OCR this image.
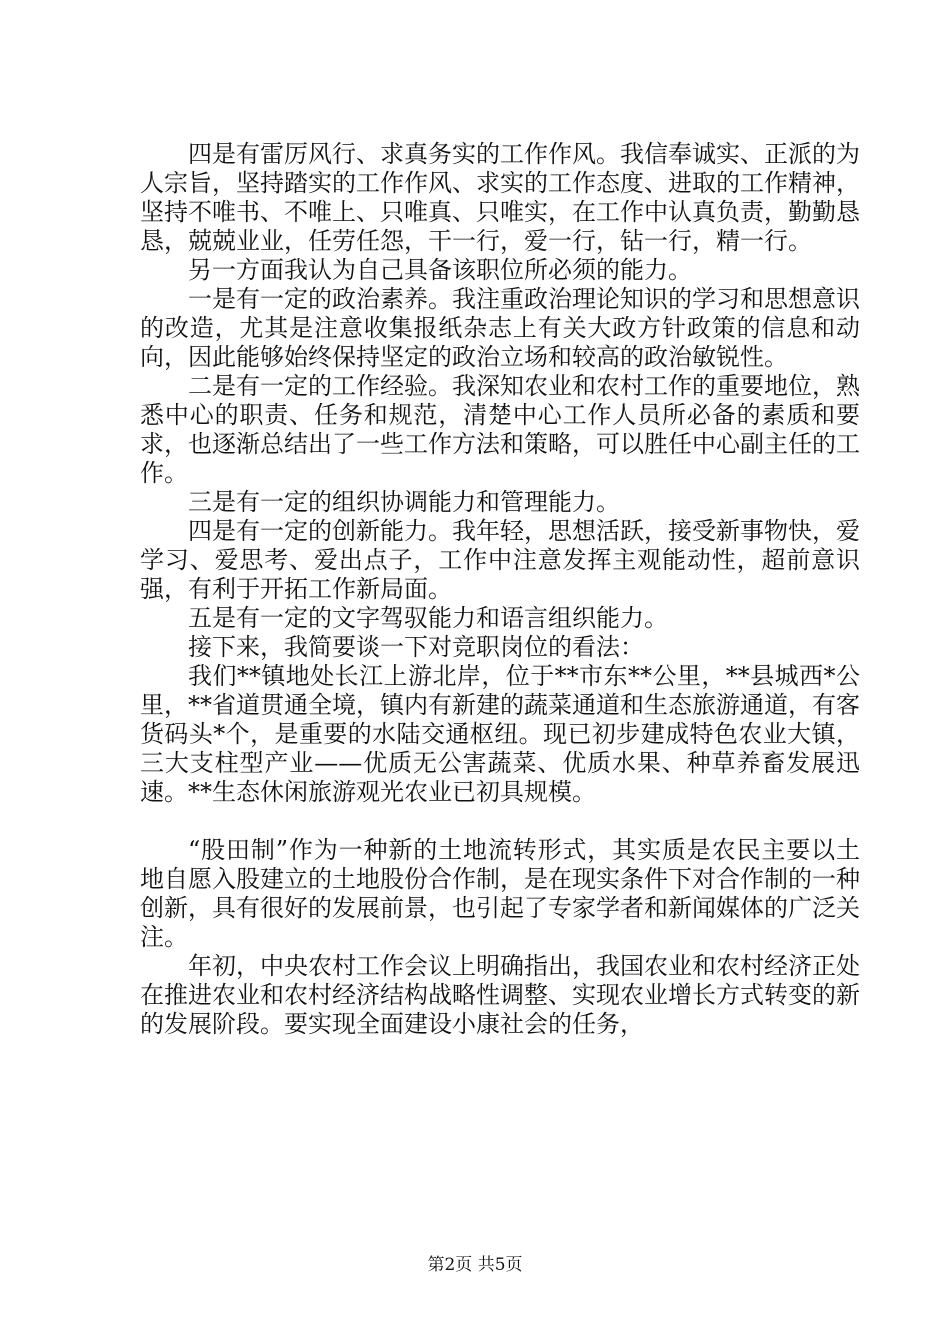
四是有雷厉风行、求真务实的工作作风。我信奉诚实、正派的为人宗旨，坚持踏实的工作作风、求实的工作态度、进取的工作精神，坚持不唯书、不唯上、只唯真、只唯实，在工作中认真负责，勤勤恳恳，兢兢业业，任劳任怨，干一行，爱一行，钻一行，精一行。

另一方面我认为自己具备该职位所必须的能力。

一是有一定的政治素养。我注重政治理论知识的学习和思想意识的改造，尤其是注意收集报纸杂志上有关大政方针政策的信息和动向，因此能够始终保持坚定的政治立场和较高的政治敏锐性。

二是有一定的工作经验。我深知农业和农村工作的重要地位，熟悉中心的职责、任务和规范，清楚中心工作人员所必备的素质和要求，也逐渐总结出了一些工作方法和策略，可以胜任中心副主任的工作。

三是有一定的组织协调能力和管理能力。

四是有一定的创新能力。我年轻，思想活跃，接受新事物快，爱学习、爱思考、爱出点子，工作中注意发挥主观能动性，超前意识强，有利于开拓工作新局面。

五是有一定的文字驾驭能力和语言组织能力。

接下来，我简要谈一下对竞职岗位的看法：

我们**镇地处长江上游北岸，位于**市东**公里，**县城西*公里，**省道贯通全境，镇内有新建的蔬菜通道和生态旅游通道，有客货码头*个，是重要的水陆交通枢纽。现已初步建成特色农业大镇，三大支柱型产业——优质无公害蔬菜、优质水果、种草养畜发展迅速。**生态休闲旅游观光农业已初具规模。

“股田制”作为一种新的土地流转形式，其实质是农民主要以土地自愿入股建立的土地股份合作制，是在现实条件下对合作制的一种创新，具有很好的发展前景，也引起了专家学者和新闻媒体的广泛关注。

年初，中央农村工作会议上明确指出，我国农业和农村经济正处在推进农业和农村经济结构战略性调整、实现农业增长方式转变的新的发展阶段。要实现全面建设小康社会的任务，

第2页 共5页
